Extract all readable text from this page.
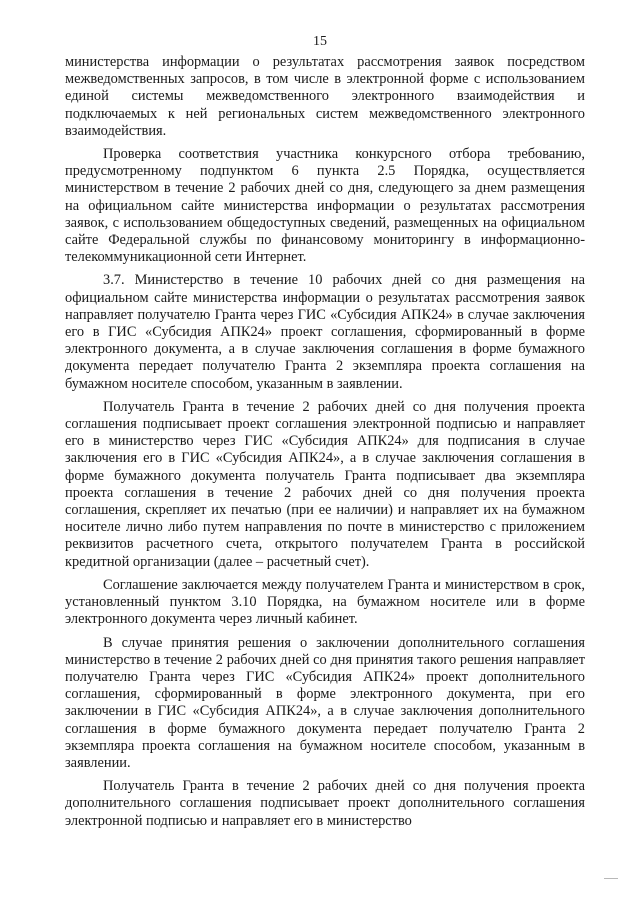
15

министерства информации о результатах рассмотрения заявок посредством межведомственных запросов, в том числе в электронной форме с использованием единой системы межведомственного электронного взаимодействия и подключаемых к ней региональных систем межведомственного электронного взаимодействия.

Проверка соответствия участника конкурсного отбора требованию, предусмотренному подпунктом 6 пункта 2.5 Порядка, осуществляется министерством в течение 2 рабочих дней со дня, следующего за днем размещения на официальном сайте министерства информации о результатах рассмотрения заявок, с использованием общедоступных сведений, размещенных на официальном сайте Федеральной службы по финансовому мониторингу в информационно-телекоммуникационной сети Интернет.

3.7. Министерство в течение 10 рабочих дней со дня размещения на официальном сайте министерства информации о результатах рассмотрения заявок направляет получателю Гранта через ГИС «Субсидия АПК24» в случае заключения его в ГИС «Субсидия АПК24» проект соглашения, сформированный в форме электронного документа, а в случае заключения соглашения в форме бумажного документа передает получателю Гранта 2 экземпляра проекта соглашения на бумажном носителе способом, указанным в заявлении.

Получатель Гранта в течение 2 рабочих дней со дня получения проекта соглашения подписывает проект соглашения электронной подписью и направляет его в министерство через ГИС «Субсидия АПК24» для подписания в случае заключения его в ГИС «Субсидия АПК24», а в случае заключения соглашения в форме бумажного документа получатель Гранта подписывает два экземпляра проекта соглашения в течение 2 рабочих дней со дня получения проекта соглашения, скрепляет их печатью (при ее наличии) и направляет их на бумажном носителе лично либо путем направления по почте в министерство с приложением реквизитов расчетного счета, открытого получателем Гранта в российской кредитной организации (далее – расчетный счет).

Соглашение заключается между получателем Гранта и министерством в срок, установленный пунктом 3.10 Порядка, на бумажном носителе или в форме электронного документа через личный кабинет.

В случае принятия решения о заключении дополнительного соглашения министерство в течение 2 рабочих дней со дня принятия такого решения направляет получателю Гранта через ГИС «Субсидия АПК24» проект дополнительного соглашения, сформированный в форме электронного документа, при его заключении в ГИС «Субсидия АПК24», а в случае заключения дополнительного соглашения в форме бумажного документа передает получателю Гранта 2 экземпляра проекта соглашения на бумажном носителе способом, указанным в заявлении.

Получатель Гранта в течение 2 рабочих дней со дня получения проекта дополнительного соглашения подписывает проект дополнительного соглашения электронной подписью и направляет его в министерство
